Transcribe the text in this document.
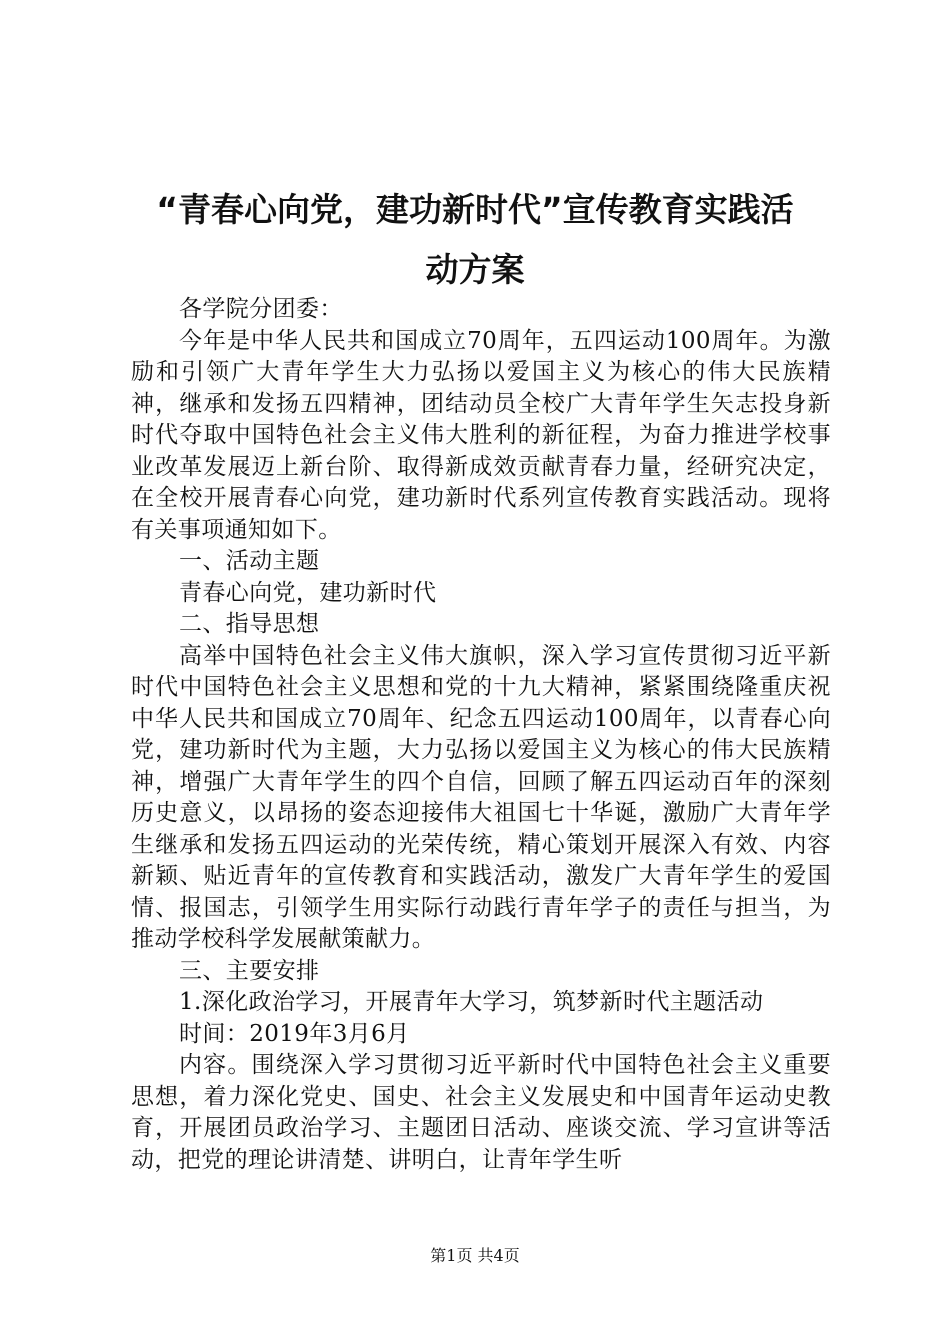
“青春心向党，建功新时代”宣传教育实践活
动方案

各学院分团委：

今年是中华人民共和国成立70周年，五四运动100周年。为激励和引领广大青年学生大力弘扬以爱国主义为核心的伟大民族精神，继承和发扬五四精神，团结动员全校广大青年学生矢志投身新时代夺取中国特色社会主义伟大胜利的新征程，为奋力推进学校事业改革发展迈上新台阶、取得新成效贡献青春力量，经研究决定，在全校开展青春心向党，建功新时代系列宣传教育实践活动。现将有关事项通知如下。

一、活动主题

青春心向党，建功新时代

二、指导思想

高举中国特色社会主义伟大旗帜，深入学习宣传贯彻习近平新时代中国特色社会主义思想和党的十九大精神，紧紧围绕隆重庆祝中华人民共和国成立70周年、纪念五四运动100周年，以青春心向党，建功新时代为主题，大力弘扬以爱国主义为核心的伟大民族精神，增强广大青年学生的四个自信，回顾了解五四运动百年的深刻历史意义，以昂扬的姿态迎接伟大祖国七十华诞，激励广大青年学生继承和发扬五四运动的光荣传统，精心策划开展深入有效、内容新颖、贴近青年的宣传教育和实践活动，激发广大青年学生的爱国情、报国志，引领学生用实际行动践行青年学子的责任与担当，为推动学校科学发展献策献力。

三、主要安排

1.深化政治学习，开展青年大学习，筑梦新时代主题活动

时间：2019年3月6月

内容。围绕深入学习贯彻习近平新时代中国特色社会主义重要思想，着力深化党史、国史、社会主义发展史和中国青年运动史教育，开展团员政治学习、主题团日活动、座谈交流、学习宣讲等活动，把党的理论讲清楚、讲明白，让青年学生听

第1页 共4页
